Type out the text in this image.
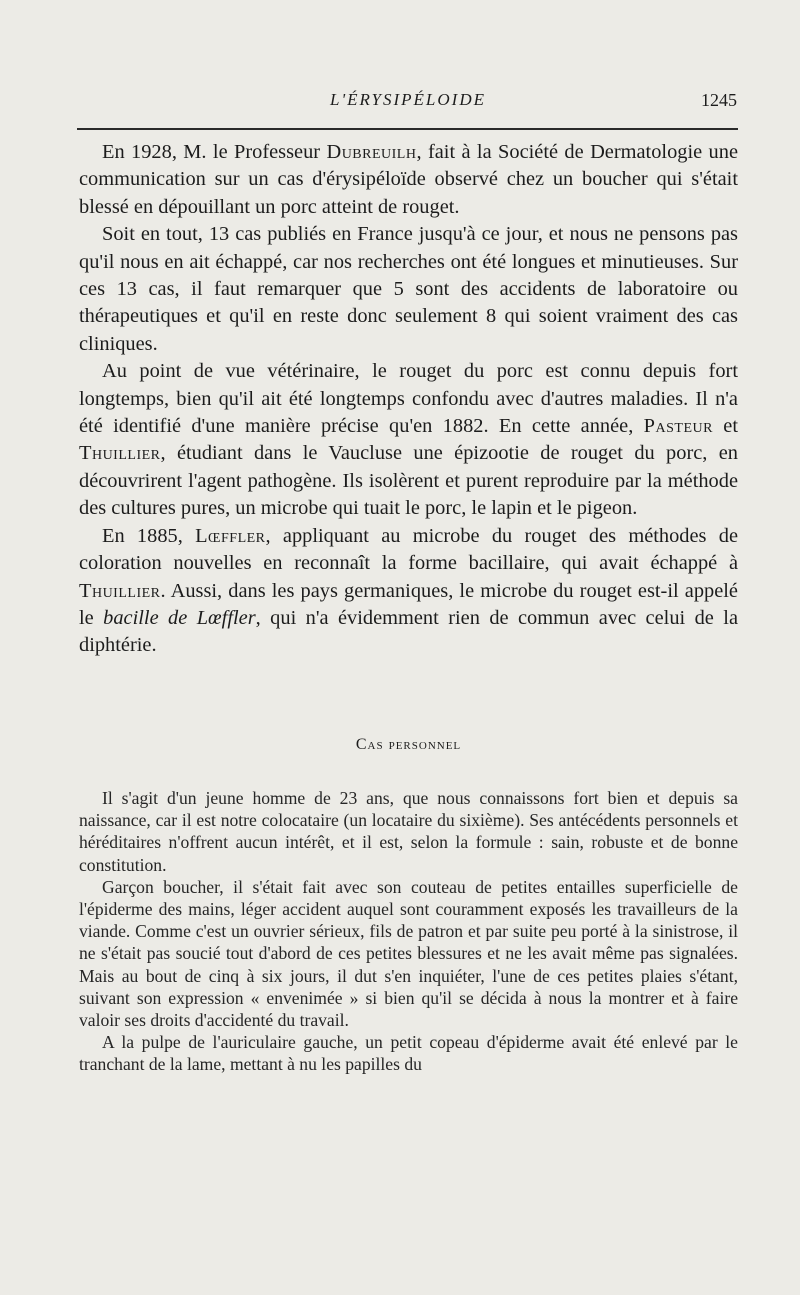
L'ÉRYSIPÉLOIDE	1245

En 1928, M. le Professeur Dubreuilh, fait à la Société de Dermatologie une communication sur un cas d'érysipéloïde observé chez un boucher qui s'était blessé en dépouillant un porc atteint de rouget.

Soit en tout, 13 cas publiés en France jusqu'à ce jour, et nous ne pensons pas qu'il nous en ait échappé, car nos recherches ont été longues et minutieuses. Sur ces 13 cas, il faut remarquer que 5 sont des accidents de laboratoire ou thérapeutiques et qu'il en reste donc seulement 8 qui soient vraiment des cas cliniques.

Au point de vue vétérinaire, le rouget du porc est connu depuis fort longtemps, bien qu'il ait été longtemps confondu avec d'autres maladies. Il n'a été identifié d'une manière précise qu'en 1882. En cette année, Pasteur et Thuillier, étudiant dans le Vaucluse une épizootie de rouget du porc, en découvrirent l'agent pathogène. Ils isolèrent et purent reproduire par la méthode des cultures pures, un microbe qui tuait le porc, le lapin et le pigeon.

En 1885, Lœffler, appliquant au microbe du rouget des méthodes de coloration nouvelles en reconnaît la forme bacillaire, qui avait échappé à Thuillier. Aussi, dans les pays germaniques, le microbe du rouget est-il appelé le bacille de Lœffler, qui n'a évidemment rien de commun avec celui de la diphtérie.

Cas personnel

Il s'agit d'un jeune homme de 23 ans, que nous connaissons fort bien et depuis sa naissance, car il est notre colocataire (un locataire du sixième). Ses antécédents personnels et héréditaires n'offrent aucun intérêt, et il est, selon la formule : sain, robuste et de bonne constitution.

Garçon boucher, il s'était fait avec son couteau de petites entailles superficielle de l'épiderme des mains, léger accident auquel sont couramment exposés les travailleurs de la viande. Comme c'est un ouvrier sérieux, fils de patron et par suite peu porté à la sinistrose, il ne s'était pas soucié tout d'abord de ces petites blessures et ne les avait même pas signalées. Mais au bout de cinq à six jours, il dut s'en inquiéter, l'une de ces petites plaies s'étant, suivant son expression « envenimée » si bien qu'il se décida à nous la montrer et à faire valoir ses droits d'accidenté du travail.

A la pulpe de l'auriculaire gauche, un petit copeau d'épiderme avait été enlevé par le tranchant de la lame, mettant à nu les papilles du
